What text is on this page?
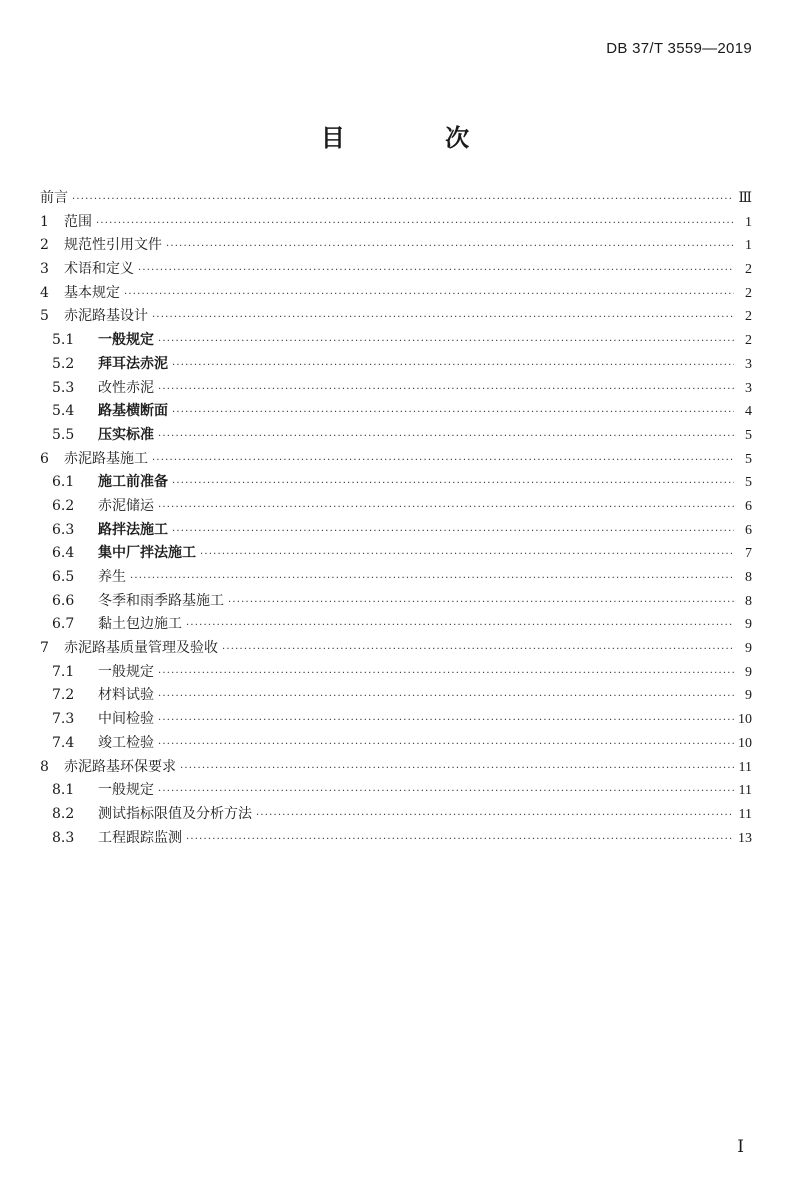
DB 37/T 3559—2019
目 次
前言 ·····	Ⅲ
1	范围 ·····	1
2	规范性引用文件 ·····	1
3	术语和定义 ·····	2
4	基本规定 ·····	2
5	赤泥路基设计 ·····	2
5.1	一般规定 ·····	2
5.2	拜耳法赤泥 ·····	3
5.3	改性赤泥 ·····	3
5.4	路基横断面 ·····	4
5.5	压实标准 ·····	5
6	赤泥路基施工 ·····	5
6.1	施工前准备 ·····	5
6.2	赤泥储运 ·····	6
6.3	路拌法施工 ·····	6
6.4	集中厂拌法施工 ·····	7
6.5	养生 ·····	8
6.6	冬季和雨季路基施工 ·····	8
6.7	黏土包边施工 ·····	9
7	赤泥路基质量管理及验收 ·····	9
7.1	一般规定 ·····	9
7.2	材料试验 ·····	9
7.3	中间检验 ·····	10
7.4	竣工检验 ·····	10
8	赤泥路基环保要求 ·····	11
8.1	一般规定 ·····	11
8.2	测试指标限值及分析方法 ·····	11
8.3	工程跟踪监测 ·····	13
I
